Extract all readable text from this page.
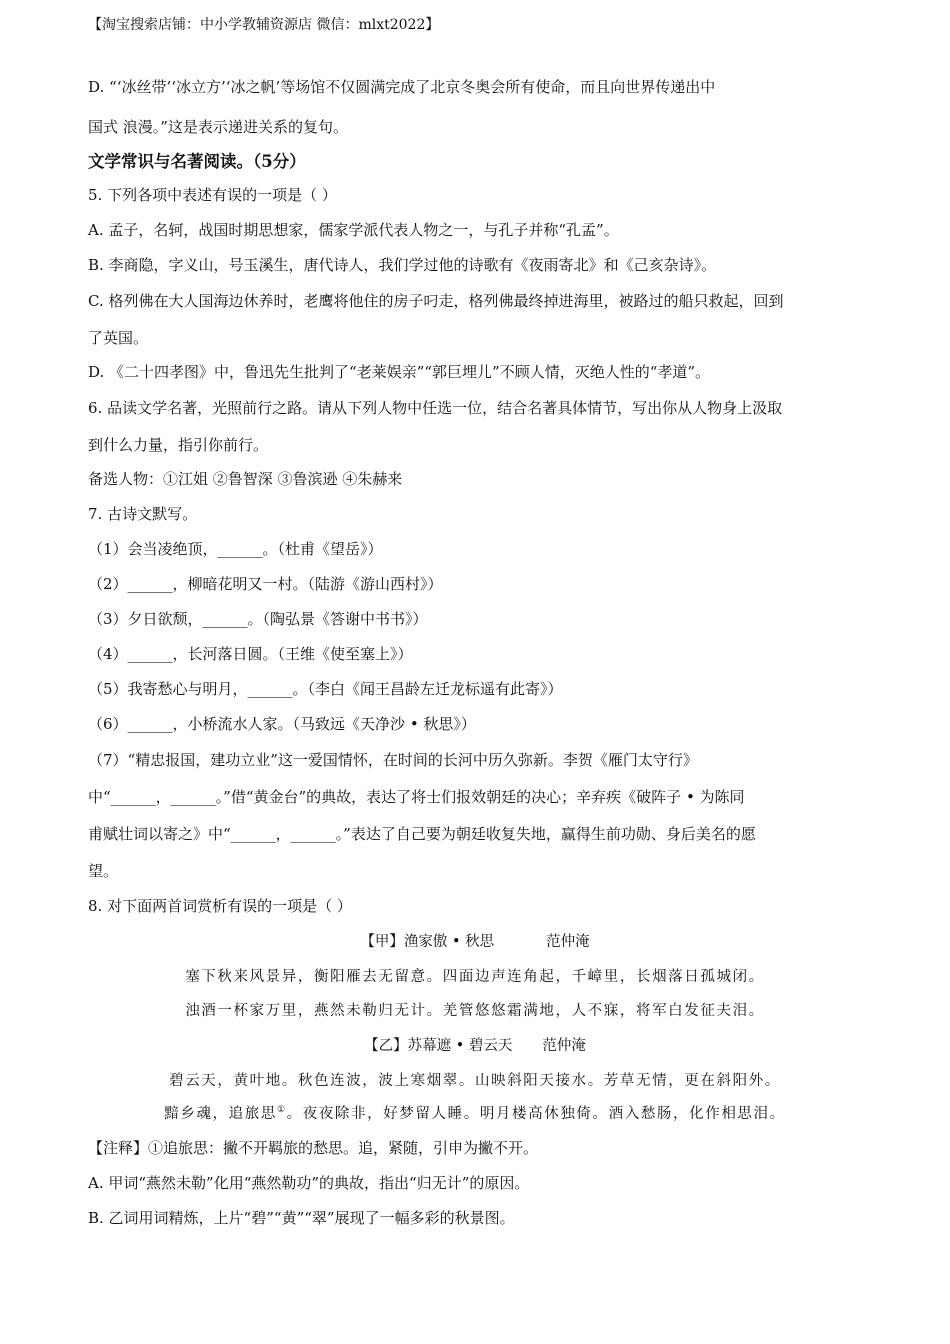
【淘宝搜索店铺：中小学教辅资源店 微信：mlxt2022】
D. “‘冰丝带’‘冰立方’‘冰之帆’等场馆不仅圆满完成了北京冬奥会所有使命，而且向世界传递出中
国式 浪漫。”这是表示递进关系的复句。
文学常识与名著阅读。（5分）
5. 下列各项中表述有误的一项是（ ）
A. 孟子，名轲，战国时期思想家，儒家学派代表人物之一，与孔子并称“孔孟”。
B. 李商隐，字义山，号玉溪生，唐代诗人，我们学过他的诗歌有《夜雨寄北》和《己亥杂诗》。
C. 格列佛在大人国海边休养时，老鹰将他住的房子叼走，格列佛最终掉进海里，被路过的船只救起，回到
了英国。
D. 《二十四孝图》中，鲁迅先生批判了“老莱娱亲”“郭巨埋儿”不顾人情，灭绝人性的“孝道”。
6. 品读文学名著，光照前行之路。请从下列人物中任选一位，结合名著具体情节，写出你从人物身上汲取
到什么力量，指引你前行。
备选人物：①江姐 ②鲁智深 ③鲁滨逊 ④朱赫来
7. 古诗文默写。
（1）会当凌绝顶，______。（杜甫《望岳》）
（2）______，柳暗花明又一村。（陆游《游山西村》）
（3）夕日欲颓，______。（陶弘景《答谢中书书》）
（4）______，长河落日圆。（王维《使至塞上》）
（5）我寄愁心与明月，______。（李白《闻王昌龄左迁龙标遥有此寄》）
（6）______，小桥流水人家。（马致远《天净沙 • 秋思》）
（7）“精忠报国，建功立业”这一爱国情怀，在时间的长河中历久弥新。李贺《雁门太守行》
中“______，______。”借“黄金台”的典故，表达了将士们报效朝廷的决心；辛弃疾《破阵子 • 为陈同
甫赋壮词以寄之》中“______，______。”表达了自己要为朝廷收复失地，赢得生前功勋、身后美名的愿
望。
8. 对下面两首词赏析有误的一项是（ ）
【甲】渔家傲 • 秋思	范仲淹
塞下秋来风景异，衡阳雁去无留意。四面边声连角起，千嶂里，长烟落日孤城闭。
浊酒一杯家万里，燕然未勒归无计。羌管悠悠霜满地，人不寐，将军白发征夫泪。
【乙】苏幕遮 • 碧云天 范仲淹
碧云天，黄叶地。秋色连波，波上寒烟翠。山映斜阳天接水。芳草无情，更在斜阳外。
黯乡魂，追旅思①。夜夜除非，好梦留人睡。明月楼高休独倚。酒入愁肠，化作相思泪。
【注释】①追旅思：撇不开羁旅的愁思。追，紧随，引申为撇不开。
A. 甲词“燕然未勒”化用“燕然勒功”的典故，指出“归无计”的原因。
B. 乙词用词精炼，上片“碧”“黄”“翠”展现了一幅多彩的秋景图。
